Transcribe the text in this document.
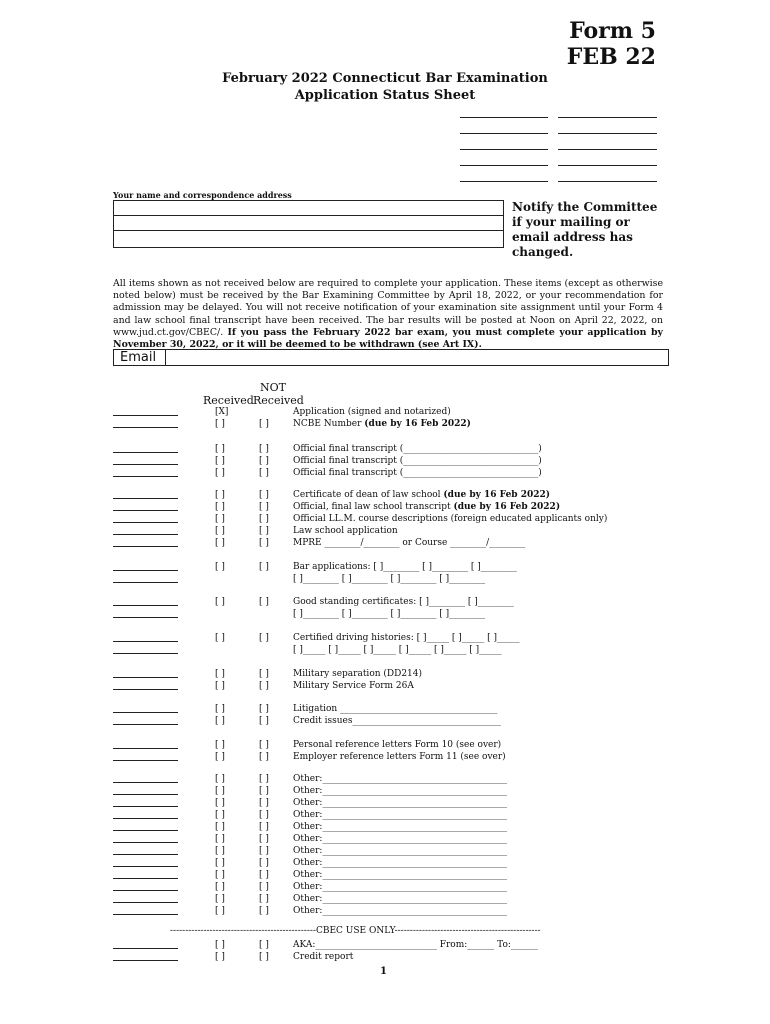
Form 5
FEB 22
February 2022 Connecticut Bar Examination
Application Status Sheet
Your name and correspondence address
Notify the Committee if your mailing or email address has changed.
All items shown as not received below are required to complete your application. These items (except as otherwise noted below) must be received by the Bar Examining Committee by April 18, 2022, or your recommendation for admission may be delayed. You will not receive notification of your examination site assignment until your Form 4 and law school final transcript have been received. The bar results will be posted at Noon on April 22, 2022, on www.jud.ct.gov/CBEC/. If you pass the February 2022 bar exam, you must complete your application by November 30, 2022, or it will be deemed to be withdrawn (see Art IX).
Email
Received
NOT
Received
[X]	Application (signed and notarized)
[ ]	[ ]	NCBE Number (due by 16 Feb 2022)
[ ]	[ ]	Official final transcript (______________________________)
[ ]	[ ]	Official final transcript (______________________________)
[ ]	[ ]	Official final transcript (______________________________)
[ ]	[ ]	Certificate of dean of law school (due by 16 Feb 2022)
[ ]	[ ]	Official, final law school transcript (due by 16 Feb 2022)
[ ]	[ ]	Official LL.M. course descriptions (foreign educated applicants only)
[ ]	[ ]	Law school application
[ ]	[ ]	MPRE ________/________ or Course ________/________
[ ]	[ ]	Bar applications: [ ]________ [ ]________ [ ]________
[ ]________ [ ]________ [ ]________ [ ]________
[ ]	[ ]	Good standing certificates: [ ]________ [ ]________
[ ]________ [ ]________ [ ]________ [ ]________
[ ]	[ ]	Certified driving histories: [ ]_____ [ ]_____ [ ]_____
[ ]_____ [ ]_____ [ ]_____ [ ]_____ [ ]_____ [ ]_____
[ ]	[ ]	Military separation (DD214)
[ ]	[ ]	Military Service Form 26A
[ ]	[ ]	Litigation ___________________________________
[ ]	[ ]	Credit issues_________________________________
[ ]	[ ]	Personal reference letters Form 10 (see over)
[ ]	[ ]	Employer reference letters Form 11 (see over)
[ ]	[ ]	Other:_________________________________________
[ ]	[ ]	Other:_________________________________________
[ ]	[ ]	Other:_________________________________________
[ ]	[ ]	Other:_________________________________________
[ ]	[ ]	Other:_________________________________________
[ ]	[ ]	Other:_________________________________________
[ ]	[ ]	Other:_________________________________________
[ ]	[ ]	Other:_________________________________________
[ ]	[ ]	Other:_________________________________________
[ ]	[ ]	Other:_________________________________________
[ ]	[ ]	Other:_________________________________________
[ ]	[ ]	Other:_________________________________________
[ ]	[ ]	AKA:___________________________ From:______ To:______
[ ]	[ ]	Credit report
------------------------------------------------CBEC USE ONLY------------------------------------------------
1
